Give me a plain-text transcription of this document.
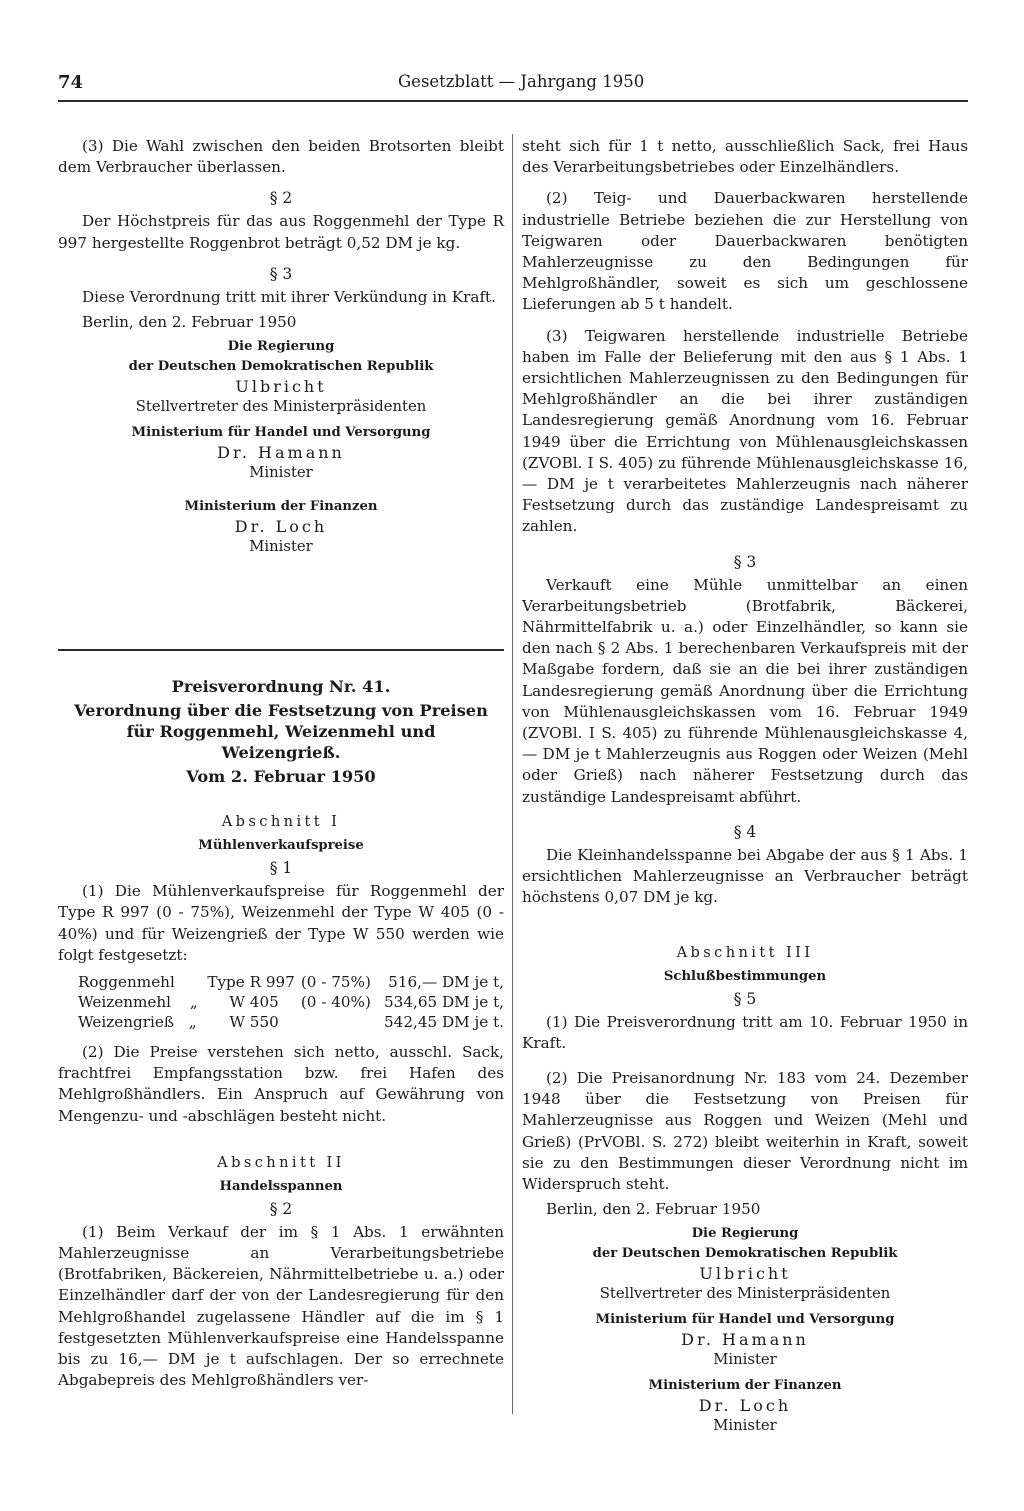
74	Gesetzblatt — Jahrgang 1950

(3) Die Wahl zwischen den beiden Brotsorten bleibt dem Verbraucher überlassen.

§ 2

Der Höchstpreis für das aus Roggenmehl der Type R 997 hergestellte Roggenbrot beträgt 0,52 DM je kg.

§ 3

Diese Verordnung tritt mit ihrer Verkündung in Kraft.

Berlin, den 2. Februar 1950

Die Regierung

der Deutschen Demokratischen Republik

Ulbricht

Stellvertreter des Ministerpräsidenten

Ministerium für Handel und Versorgung

Dr. Hamann

Minister

Ministerium der Finanzen

Dr. Loch

Minister

Preisverordnung Nr. 41.

Verordnung über die Festsetzung von Preisen für Roggenmehl, Weizenmehl und Weizengrieß.

Vom 2. Februar 1950

Abschnitt I

Mühlenverkaufspreise

§ 1

(1) Die Mühlenverkaufspreise für Roggenmehl der Type R 997 (0 - 75%), Weizenmehl der Type W 405 (0 - 40%) und für Weizengrieß der Type W 550 werden wie folgt festgesetzt:

Roggenmehl	Type R 997	(0 - 75%)	516,— DM je t,
Weizenmehl „	W 405	(0 - 40%)	534,65 DM je t,
Weizengrieß „	W 550		542,45 DM je t.

(2) Die Preise verstehen sich netto, ausschl. Sack, frachtfrei Empfangsstation bzw. frei Hafen des Mehlgroßhändlers. Ein Anspruch auf Gewährung von Mengenzu- und -abschlägen besteht nicht.

Abschnitt II

Handelsspannen

§ 2

(1) Beim Verkauf der im § 1 Abs. 1 erwähnten Mahlerzeugnisse an Verarbeitungsbetriebe (Brotfabriken, Bäckereien, Nährmittelbetriebe u. a.) oder Einzelhändler darf der von der Landesregierung für den Mehlgroßhandel zugelassene Händler auf die im § 1 festgesetzten Mühlenverkaufspreise eine Handelsspanne bis zu 16,— DM je t aufschlagen. Der so errechnete Abgabepreis des Mehlgroßhändlers ver-

steht sich für 1 t netto, ausschließlich Sack, frei Haus des Verarbeitungsbetriebes oder Einzelhändlers.

(2) Teig- und Dauerbackwaren herstellende industrielle Betriebe beziehen die zur Herstellung von Teigwaren oder Dauerbackwaren benötigten Mahlerzeugnisse zu den Bedingungen für Mehlgroßhändler, soweit es sich um geschlossene Lieferungen ab 5 t handelt.

(3) Teigwaren herstellende industrielle Betriebe haben im Falle der Belieferung mit den aus § 1 Abs. 1 ersichtlichen Mahlerzeugnissen zu den Bedingungen für Mehlgroßhändler an die bei ihrer zuständigen Landesregierung gemäß Anordnung vom 16. Februar 1949 über die Errichtung von Mühlenausgleichskassen (ZVOBl. I S. 405) zu führende Mühlenausgleichskasse 16,— DM je t verarbeitetes Mahlerzeugnis nach näherer Festsetzung durch das zuständige Landespreisamt zu zahlen.

§ 3

Verkauft eine Mühle unmittelbar an einen Verarbeitungsbetrieb (Brotfabrik, Bäckerei, Nährmittelfabrik u. a.) oder Einzelhändler, so kann sie den nach § 2 Abs. 1 berechenbaren Verkaufspreis mit der Maßgabe fordern, daß sie an die bei ihrer zuständigen Landesregierung gemäß Anordnung über die Errichtung von Mühlenausgleichskassen vom 16. Februar 1949 (ZVOBl. I S. 405) zu führende Mühlenausgleichskasse 4,— DM je t Mahlerzeugnis aus Roggen oder Weizen (Mehl oder Grieß) nach näherer Festsetzung durch das zuständige Landespreisamt abführt.

§ 4

Die Kleinhandelsspanne bei Abgabe der aus § 1 Abs. 1 ersichtlichen Mahlerzeugnisse an Verbraucher beträgt höchstens 0,07 DM je kg.

Abschnitt III

Schlußbestimmungen

§ 5

(1) Die Preisverordnung tritt am 10. Februar 1950 in Kraft.

(2) Die Preisanordnung Nr. 183 vom 24. Dezember 1948 über die Festsetzung von Preisen für Mahlerzeugnisse aus Roggen und Weizen (Mehl und Grieß) (PrVOBl. S. 272) bleibt weiterhin in Kraft, soweit sie zu den Bestimmungen dieser Verordnung nicht im Widerspruch steht.

Berlin, den 2. Februar 1950

Die Regierung

der Deutschen Demokratischen Republik

Ulbricht

Stellvertreter des Ministerpräsidenten

Ministerium für Handel und Versorgung

Dr. Hamann

Minister

Ministerium der Finanzen

Dr. Loch

Minister
